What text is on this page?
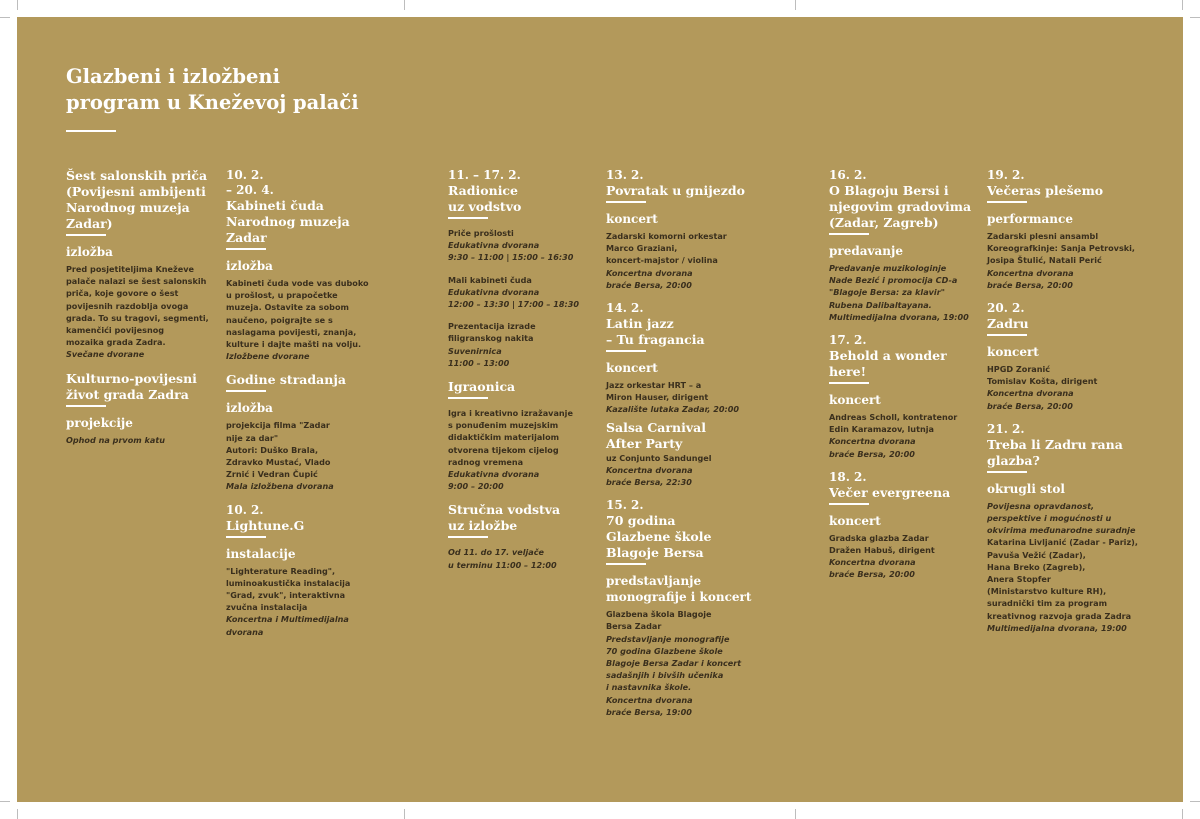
Glazbeni i izložbeni
program u Kneževoj palači
Šest salonskih priča
(Povijesni ambijenti
Narodnog muzeja
Zadar)
izložba
Pred posjetiteljima Kneževe
palače nalazi se šest salonskih
priča, koje govore o šest
povijesnih razdoblja ovoga
grada. To su tragovi, segmenti,
kamenčići povijesnog
mozaika grada Zadra.
Svečane dvorane
Kulturno-povijesni
život grada Zadra
projekcije
Ophod na prvom katu
10. 2.
– 20. 4.
Kabineti čuda
Narodnog muzeja
Zadar
izložba
Kabineti čuda vode vas duboko
u prošlost, u prapočetke
muzeja. Ostavite za sobom
naučeno, poigrajte se s
naslagama povijesti, znanja,
kulture i dajte mašti na volju.
Izložbene dvorane
Godine stradanja
izložba
projekcija filma "Zadar
nije za dar"
Autori: Duško Brala,
Zdravko Mustać, Vlado
Zrnić i Vedran Čupić
Mala izložbena dvorana
10. 2.
Lightune.G
instalacije
"Lighterature Reading",
luminoakustička instalacija
"Grad, zvuk", interaktivna
zvučna instalacija
Koncertna i Multimedijalna
dvorana
11. – 17. 2.
Radionice
uz vodstvo
Priče prošlosti
Edukativna dvorana
9:30 – 11:00 | 15:00 – 16:30
Mali kabineti čuda
Edukativna dvorana
12:00 – 13:30 | 17:00 – 18:30
Prezentacija izrade
filigranskog nakita
Suvenirnica
11:00 – 13:00
Igraonica
Igra i kreativno izražavanje
s ponuđenim muzejskim
didaktičkim materijalom
otvorena tijekom cijelog
radnog vremena
Edukativna dvorana
9:00 – 20:00
Stručna vodstva
uz izložbe
Od 11. do 17. veljače
u terminu 11:00 – 12:00
13. 2.
Povratak u gnijezdo
koncert
Zadarski komorni orkestar
Marco Graziani,
koncert-majstor / violina
Koncertna dvorana
braće Bersa, 20:00
14. 2.
Latin jazz
– Tu fragancia
koncert
Jazz orkestar HRT – a
Miron Hauser, dirigent
Kazalište lutaka Zadar, 20:00
Salsa Carnival
After Party
uz Conjunto Sandungel
Koncertna dvorana
braće Bersa, 22:30
15. 2.
70 godina
Glazbene škole
Blagoje Bersa
predstavljanje
monografije i koncert
Glazbena škola Blagoje
Bersa Zadar
Predstavljanje monografije
70 godina Glazbene škole
Blagoje Bersa Zadar i koncert
sadašnjih i bivših učenika
i nastavnika škole.
Koncertna dvorana
braće Bersa, 19:00
16. 2.
O Blagoju Bersi i
njegovim gradovima
(Zadar, Zagreb)
predavanje
Predavanje muzikologinje
Nade Bezić i promocija CD-a
"Blagoje Bersa: za klavir"
Rubena Dalibaltayana.
Multimedijalna dvorana, 19:00
17. 2.
Behold a wonder here!
koncert
Andreas Scholl, kontratenor
Edin Karamazov, lutnja
Koncertna dvorana
braće Bersa, 20:00
18. 2.
Večer evergreena
koncert
Gradska glazba Zadar
Dražen Habuš, dirigent
Koncertna dvorana
braće Bersa, 20:00
19. 2.
Večeras plešemo
performance
Zadarski plesni ansambl
Koreografkinje: Sanja Petrovski,
Josipa Štulić, Natali Perić
Koncertna dvorana
braće Bersa, 20:00
20. 2.
Zadru
koncert
HPGD Zoranić
Tomislav Košta, dirigent
Koncertna dvorana
braće Bersa, 20:00
21. 2.
Treba li Zadru rana
glazba?
okrugli stol
Povijesna opravdanost,
perspektive i mogućnosti u
okvirima međunarodne suradnje
Katarina Livljanić (Zadar - Pariz),
Pavuša Vežić (Zadar),
Hana Breko (Zagreb),
Anera Stopfer
(Ministarstvo kulture RH),
suradnički tim za program
kreativnog razvoja grada Zadra
Multimedijalna dvorana, 19:00
